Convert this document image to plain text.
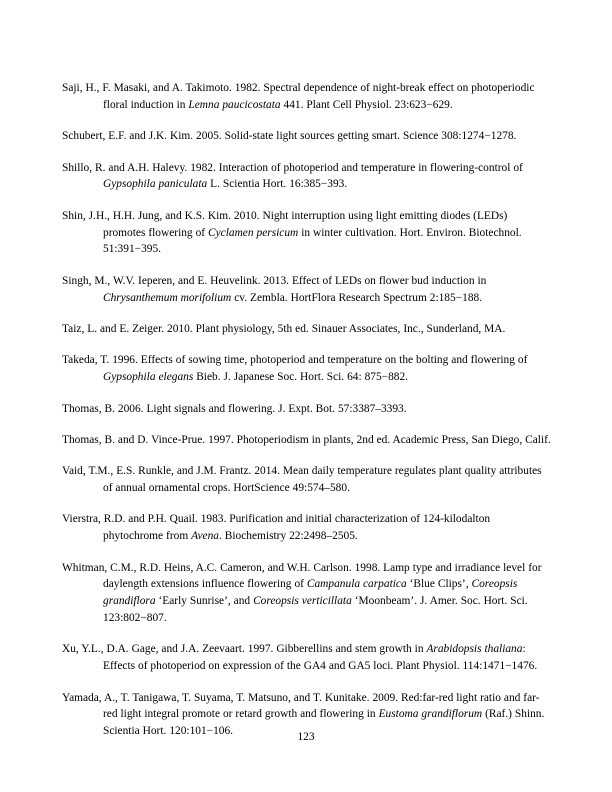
Saji, H., F. Masaki, and A. Takimoto. 1982. Spectral dependence of night-break effect on photoperiodic floral induction in Lemna paucicostata 441. Plant Cell Physiol. 23:623−629.

Schubert, E.F. and J.K. Kim. 2005. Solid-state light sources getting smart. Science 308:1274−1278.

Shillo, R. and A.H. Halevy. 1982. Interaction of photoperiod and temperature in flowering-control of Gypsophila paniculata L. Scientia Hort. 16:385−393.

Shin, J.H., H.H. Jung, and K.S. Kim. 2010. Night interruption using light emitting diodes (LEDs) promotes flowering of Cyclamen persicum in winter cultivation. Hort. Environ. Biotechnol. 51:391−395.

Singh, M., W.V. Ieperen, and E. Heuvelink. 2013. Effect of LEDs on flower bud induction in Chrysanthemum morifolium cv. Zembla. HortFlora Research Spectrum 2:185−188.

Taiz, L. and E. Zeiger. 2010. Plant physiology, 5th ed. Sinauer Associates, Inc., Sunderland, MA.

Takeda, T. 1996. Effects of sowing time, photoperiod and temperature on the bolting and flowering of Gypsophila elegans Bieb. J. Japanese Soc. Hort. Sci. 64: 875−882.

Thomas, B. 2006. Light signals and flowering. J. Expt. Bot. 57:3387–3393.

Thomas, B. and D. Vince-Prue. 1997. Photoperiodism in plants, 2nd ed. Academic Press, San Diego, Calif.

Vaid, T.M., E.S. Runkle, and J.M. Frantz. 2014. Mean daily temperature regulates plant quality attributes of annual ornamental crops. HortScience 49:574–580.

Vierstra, R.D. and P.H. Quail. 1983. Purification and initial characterization of 124-kilodalton phytochrome from Avena. Biochemistry 22:2498–2505.

Whitman, C.M., R.D. Heins, A.C. Cameron, and W.H. Carlson. 1998. Lamp type and irradiance level for daylength extensions influence flowering of Campanula carpatica ‘Blue Clips’, Coreopsis grandiflora ‘Early Sunrise’, and Coreopsis verticillata ‘Moonbeam’. J. Amer. Soc. Hort. Sci. 123:802−807.

Xu, Y.L., D.A. Gage, and J.A. Zeevaart. 1997. Gibberellins and stem growth in Arabidopsis thaliana: Effects of photoperiod on expression of the GA4 and GA5 loci. Plant Physiol. 114:1471−1476.

Yamada, A., T. Tanigawa, T. Suyama, T. Matsuno, and T. Kunitake. 2009. Red:far-red light ratio and far-red light integral promote or retard growth and flowering in Eustoma grandiflorum (Raf.) Shinn. Scientia Hort. 120:101−106.	123
